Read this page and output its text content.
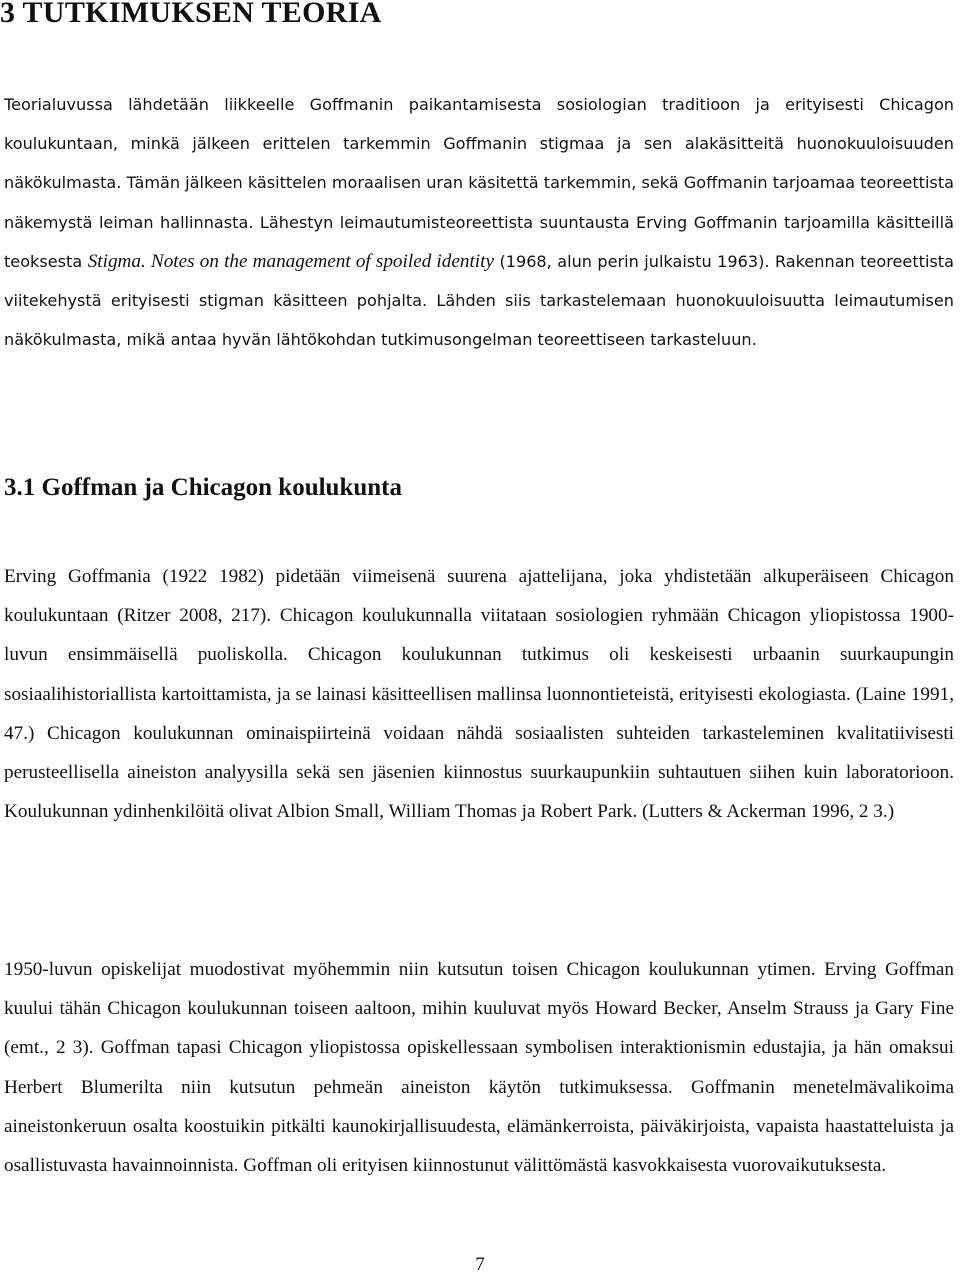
3 TUTKIMUKSEN TEORIA

Teorialuvussa lähdetään liikkeelle Goffmanin paikantamisesta sosiologian traditioon ja erityisesti Chicagon koulukuntaan, minkä jälkeen erittelen tarkemmin Goffmanin stigmaa ja sen alakäsitteitä huonokuuloisuuden näkökulmasta. Tämän jälkeen käsittelen moraalisen uran käsitettä tarkemmin, sekä Goffmanin tarjoamaa teoreettista näkemystä leiman hallinnasta. Lähestyn leimautumisteoreettista suuntausta Erving Goffmanin tarjoamilla käsitteillä teoksesta Stigma. Notes on the management of spoiled identity (1968, alun perin julkaistu 1963). Rakennan teoreettista viitekehystä erityisesti stigman käsitteen pohjalta. Lähden siis tarkastelemaan huonokuuloisuutta leimautumisen näkökulmasta, mikä antaa hyvän lähtökohdan tutkimusongelman teoreettiseen tarkasteluun.

3.1 Goffman ja Chicagon koulukunta

Erving Goffmania (1922 1982) pidetään viimeisenä suurena ajattelijana, joka yhdistetään alkuperäiseen Chicagon koulukuntaan (Ritzer 2008, 217). Chicagon koulukunnalla viitataan sosiologien ryhmään Chicagon yliopistossa 1900-luvun ensimmäisellä puoliskolla. Chicagon koulukunnan tutkimus oli keskeisesti urbaanin suurkaupungin sosiaalihistoriallista kartoittamista, ja se lainasi käsitteellisen mallinsa luonnontieteistä, erityisesti ekologiasta. (Laine 1991, 47.) Chicagon koulukunnan ominaispiirteinä voidaan nähdä sosiaalisten suhteiden tarkasteleminen kvalitatiivisesti perusteellisella aineiston analyysilla sekä sen jäsenien kiinnostus suurkaupunkiin suhtautuen siihen kuin laboratorioon. Koulukunnan ydinhenkilöitä olivat Albion Small, William Thomas ja Robert Park. (Lutters & Ackerman 1996, 2 3.)

1950-luvun opiskelijat muodostivat myöhemmin niin kutsutun toisen Chicagon koulukunnan ytimen. Erving Goffman kuului tähän Chicagon koulukunnan toiseen aaltoon, mihin kuuluvat myös Howard Becker, Anselm Strauss ja Gary Fine (emt., 2 3). Goffman tapasi Chicagon yliopistossa opiskellessaan symbolisen interaktionismin edustajia, ja hän omaksui Herbert Blumerilta niin kutsutun pehmeän aineiston käytön tutkimuksessa. Goffmanin menetelmävalikoima aineistonkeruun osalta koostuikin pitkälti kaunokirjallisuudesta, elämänkerroista, päiväkirjoista, vapaista haastatteluista ja osallistuvasta havainnoinnista. Goffman oli erityisen kiinnostunut välittömästä kasvokkaisesta vuorovaikutuksesta.

7
